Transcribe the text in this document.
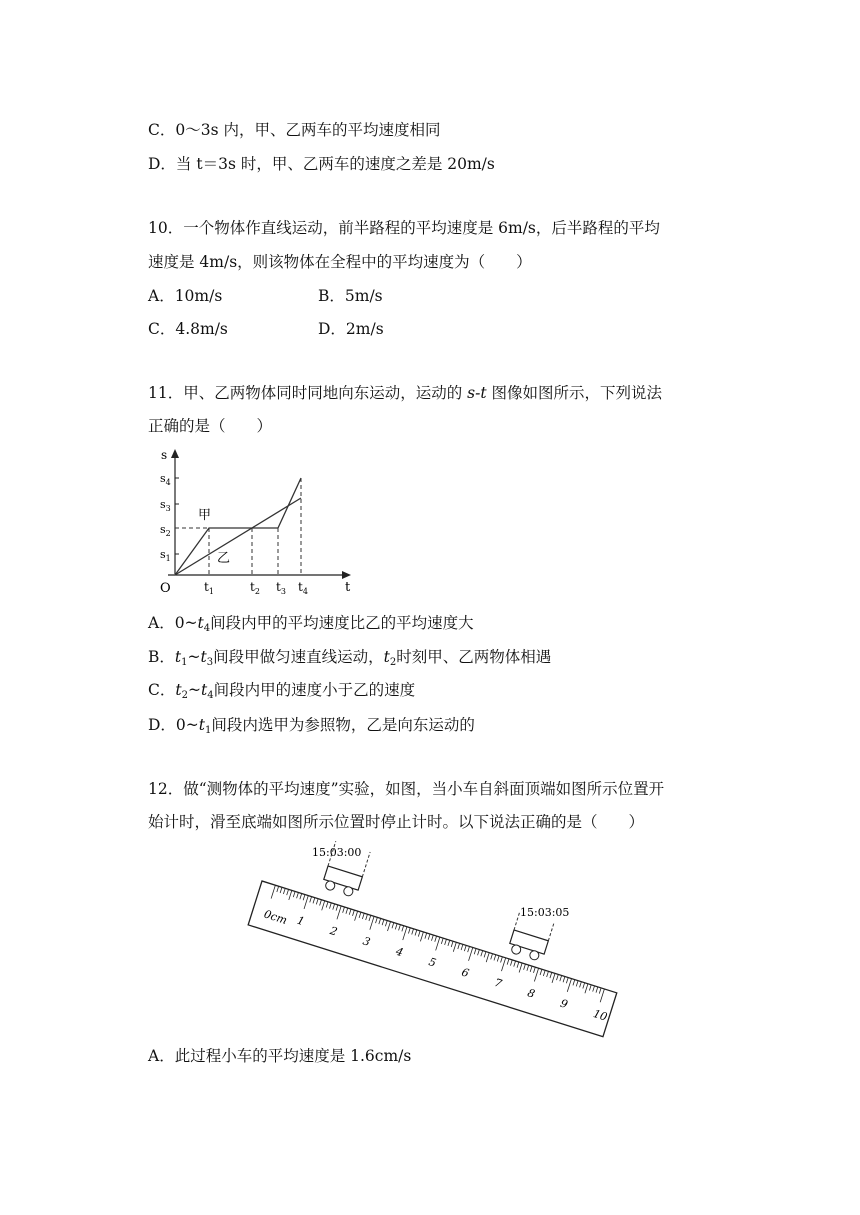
C．0～3s 内，甲、乙两车的平均速度相同
D．当 t＝3s 时，甲、乙两车的速度之差是 20m/s
10．一个物体作直线运动，前半路程的平均速度是 6m/s，后半路程的平均
速度是 4m/s，则该物体在全程中的平均速度为（　　）
A．10m/s	B．5m/s
C．4.8m/s	D．2m/s
11．甲、乙两物体同时同地向东运动，运动的 s-t 图像如图所示，下列说法
正确的是（　　）
s
t
O
$s_1$
$s_2$
$s_3$
$s_4$
$t_1$	$t_2$ $t_3$ $t_4$
甲
乙
A．$0\sim t_4$间段内甲的平均速度比乙的平均速度大
B．$t_1\sim t_3$间段甲做匀速直线运动，$t_2$时刻甲、乙两物体相遇
C．$t_2\sim t_4$间段内甲的速度小于乙的速度
D．$0\sim t_1$间段内选甲为参照物，乙是向东运动的
12．做“测物体的平均速度”实验，如图，当小车自斜面顶端如图所示位置开
始计时，滑至底端如图所示位置时停止计时。以下说法正确的是（　　）
1
2
3
4
5
6
7
8
9
10
0cm
15:03:00
15:03:05
A．此过程小车的平均速度是 1.6cm/s
